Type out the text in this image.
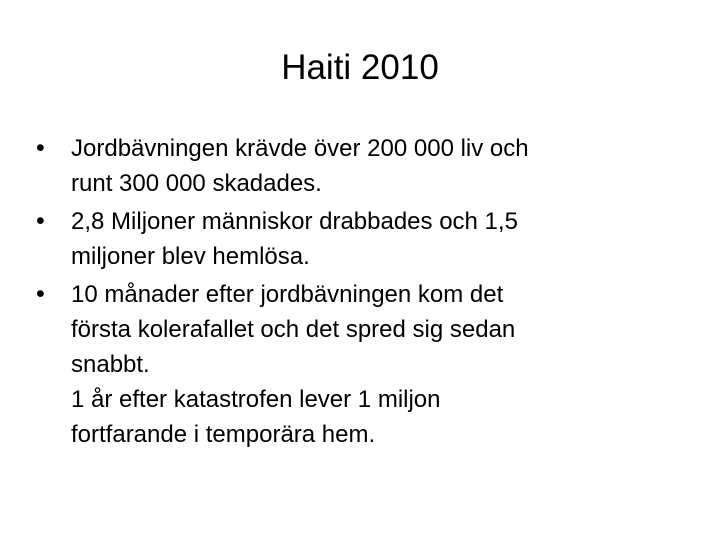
Haiti 2010
•	Jordbävningen krävde över 200 000 liv och
runt 300 000 skadades.
•	2,8 Miljoner människor drabbades och 1,5
miljoner blev hemlösa.
•	10 månader efter jordbävningen kom det
första kolerafallet och det spred sig sedan
snabbt.
1 år efter katastrofen lever 1 miljon
fortfarande i temporära hem.
